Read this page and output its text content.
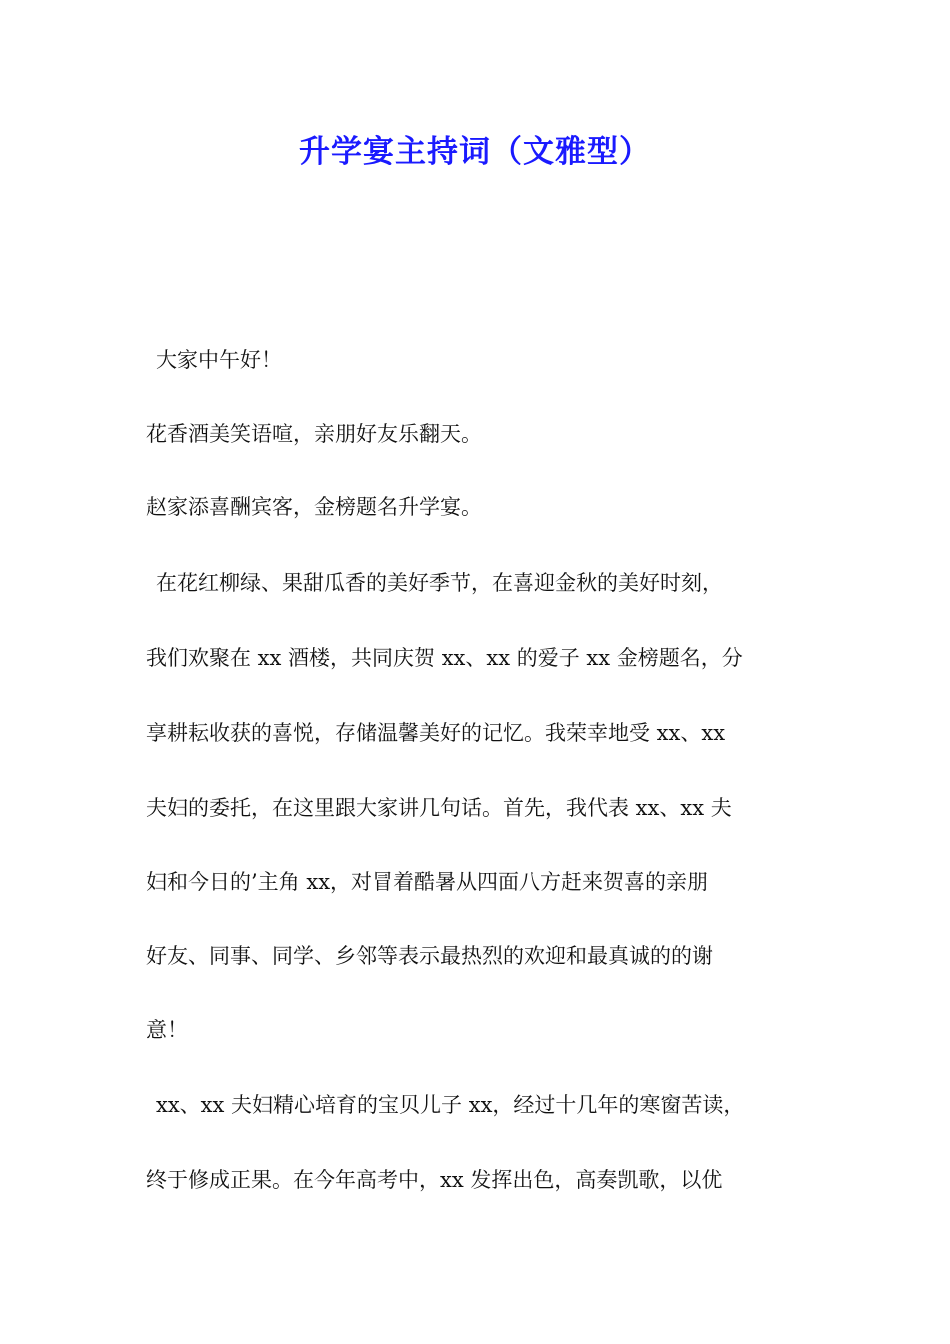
升学宴主持词（文雅型）
大家中午好！
花香酒美笑语喧，亲朋好友乐翻天。
赵家添喜酬宾客，金榜题名升学宴。
在花红柳绿、果甜瓜香的美好季节，在喜迎金秋的美好时刻，
我们欢聚在 xx 酒楼，共同庆贺 xx、xx 的爱子 xx 金榜题名，分
享耕耘收获的喜悦，存储温馨美好的记忆。我荣幸地受 xx、xx
夫妇的委托，在这里跟大家讲几句话。首先，我代表 xx、xx 夫
妇和今日的’主角 xx，对冒着酷暑从四面八方赶来贺喜的亲朋
好友、同事、同学、乡邻等表示最热烈的欢迎和最真诚的的谢
意！
xx、xx 夫妇精心培育的宝贝儿子 xx，经过十几年的寒窗苦读，
终于修成正果。在今年高考中，xx 发挥出色，高奏凯歌，以优
